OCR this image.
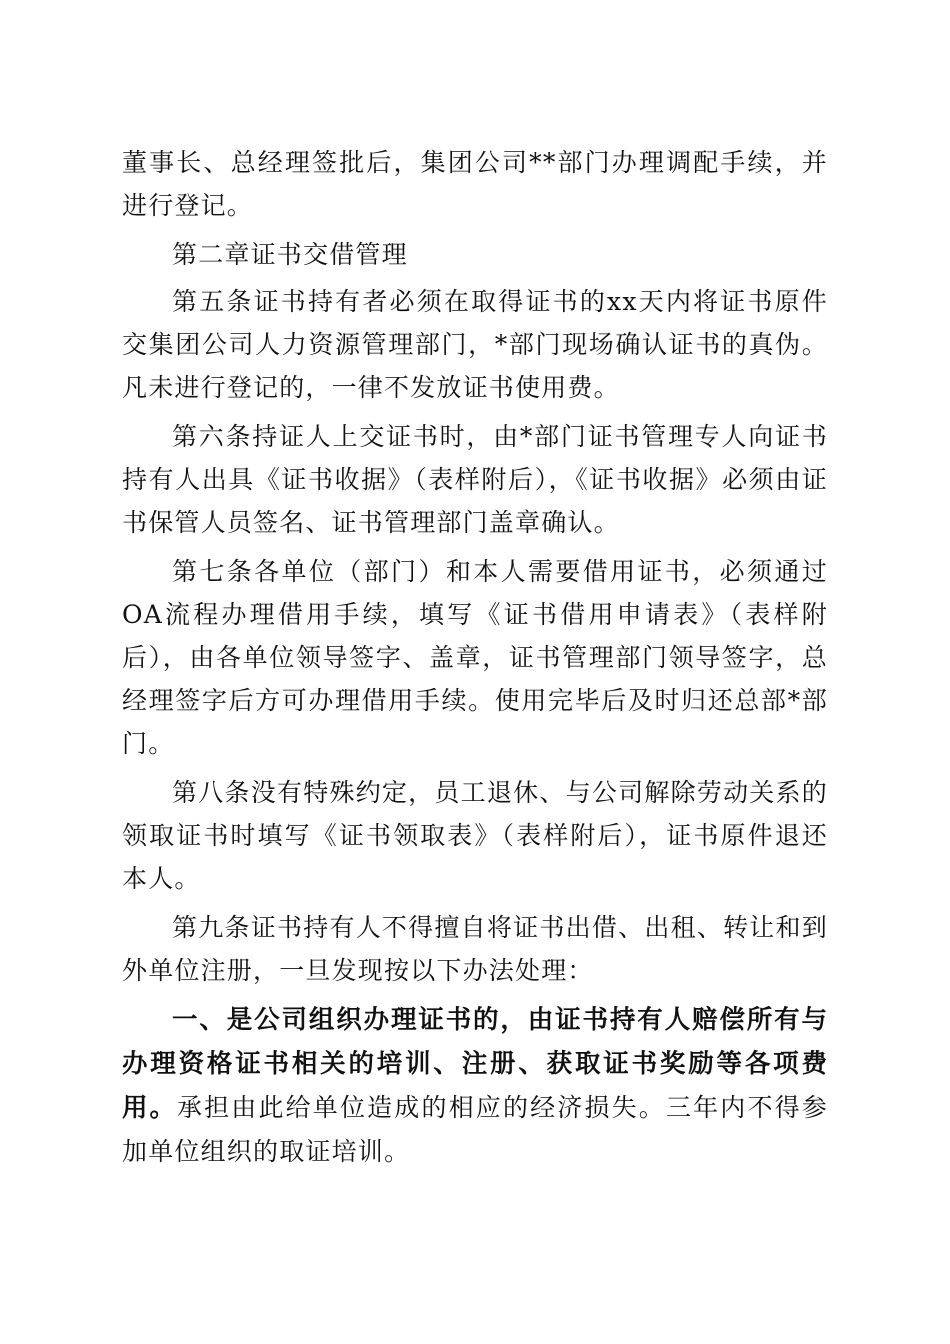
董事长、总经理签批后，集团公司**部门办理调配手续，并进行登记。

第二章证书交借管理

第五条证书持有者必须在取得证书的xx天内将证书原件交集团公司人力资源管理部门，*部门现场确认证书的真伪。凡未进行登记的，一律不发放证书使用费。

第六条持证人上交证书时，由*部门证书管理专人向证书持有人出具《证书收据》（表样附后），《证书收据》必须由证书保管人员签名、证书管理部门盖章确认。

第七条各单位（部门）和本人需要借用证书，必须通过OA流程办理借用手续，填写《证书借用申请表》（表样附后），由各单位领导签字、盖章，证书管理部门领导签字，总经理签字后方可办理借用手续。使用完毕后及时归还总部*部门。

第八条没有特殊约定，员工退休、与公司解除劳动关系的领取证书时填写《证书领取表》（表样附后），证书原件退还本人。

第九条证书持有人不得擅自将证书出借、出租、转让和到外单位注册，一旦发现按以下办法处理：

一、是公司组织办理证书的，由证书持有人赔偿所有与办理资格证书相关的培训、注册、获取证书奖励等各项费用。承担由此给单位造成的相应的经济损失。三年内不得参加单位组织的取证培训。
